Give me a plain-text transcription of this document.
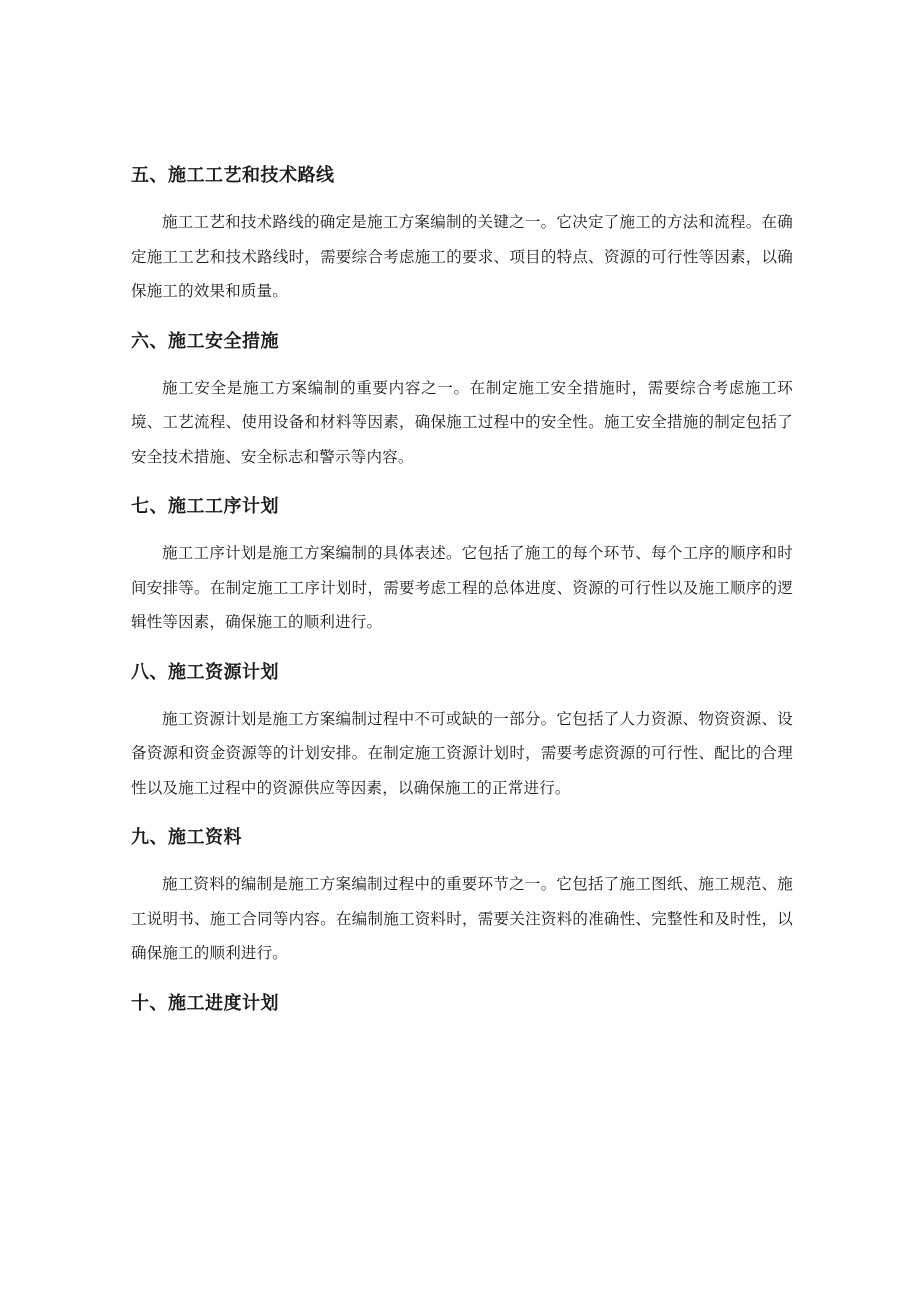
五、施工工艺和技术路线

施工工艺和技术路线的确定是施工方案编制的关键之一。它决定了施工的方法和流程。在确定施工工艺和技术路线时，需要综合考虑施工的要求、项目的特点、资源的可行性等因素，以确保施工的效果和质量。

六、施工安全措施

施工安全是施工方案编制的重要内容之一。在制定施工安全措施时，需要综合考虑施工环境、工艺流程、使用设备和材料等因素，确保施工过程中的安全性。施工安全措施的制定包括了安全技术措施、安全标志和警示等内容。

七、施工工序计划

施工工序计划是施工方案编制的具体表述。它包括了施工的每个环节、每个工序的顺序和时间安排等。在制定施工工序计划时，需要考虑工程的总体进度、资源的可行性以及施工顺序的逻辑性等因素，确保施工的顺利进行。

八、施工资源计划

施工资源计划是施工方案编制过程中不可或缺的一部分。它包括了人力资源、物资资源、设备资源和资金资源等的计划安排。在制定施工资源计划时，需要考虑资源的可行性、配比的合理性以及施工过程中的资源供应等因素，以确保施工的正常进行。

九、施工资料

施工资料的编制是施工方案编制过程中的重要环节之一。它包括了施工图纸、施工规范、施工说明书、施工合同等内容。在编制施工资料时，需要关注资料的准确性、完整性和及时性，以确保施工的顺利进行。

十、施工进度计划
